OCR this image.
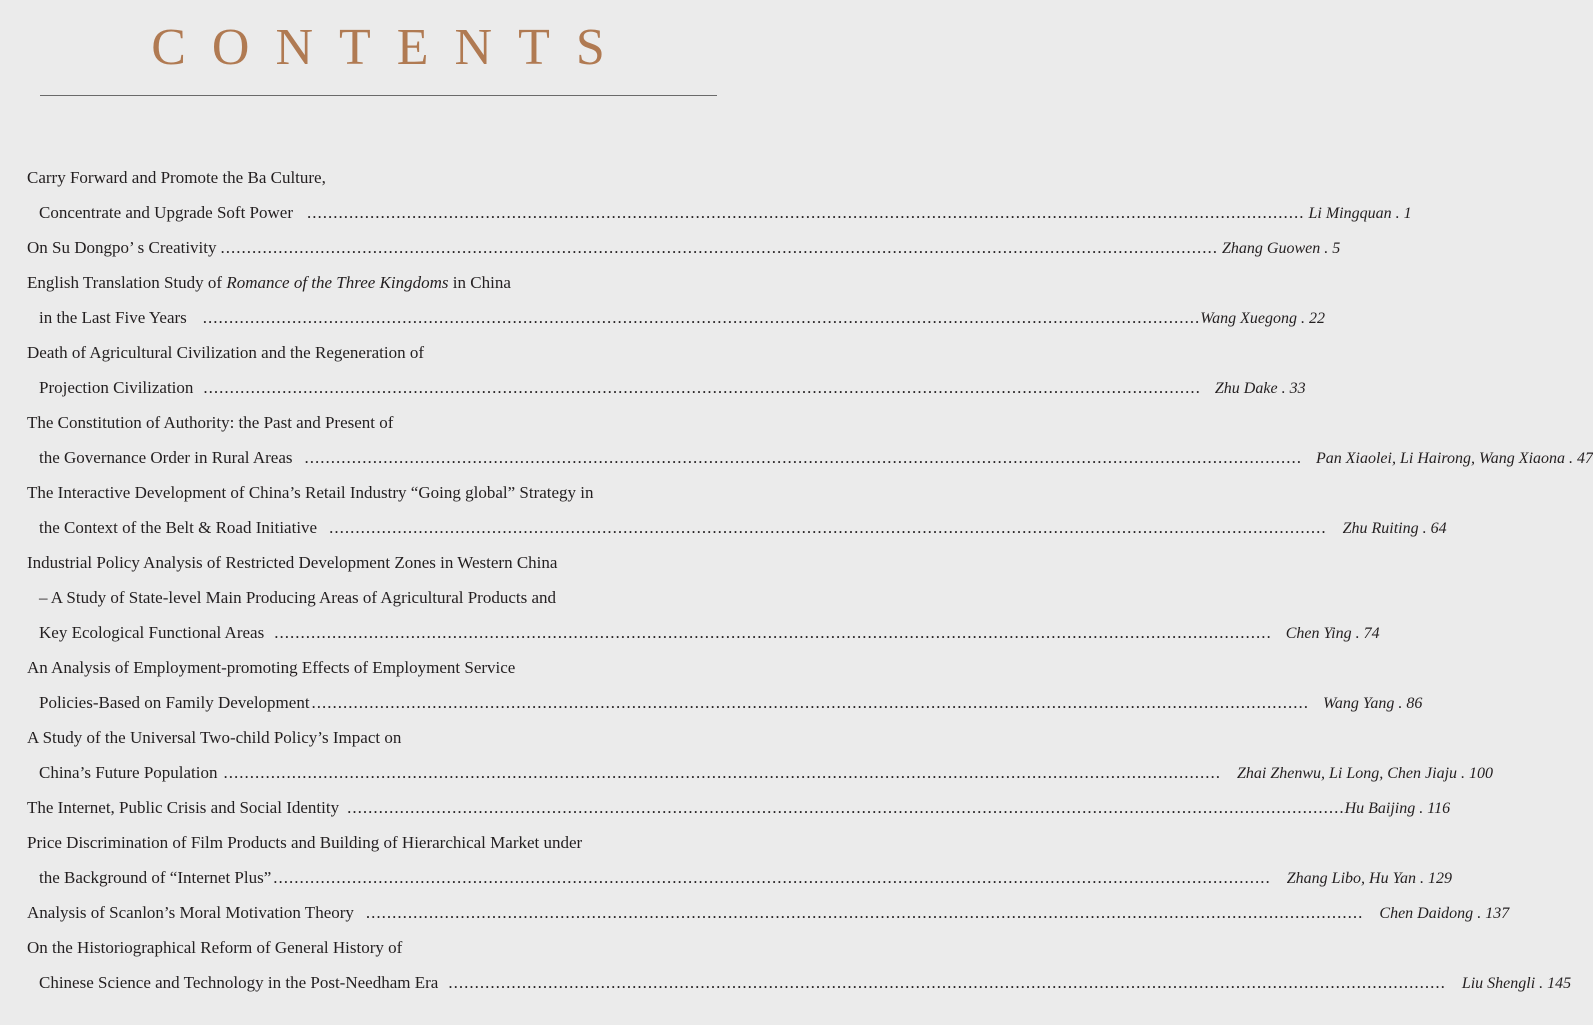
CONTENTS
Carry Forward and Promote the Ba Culture,
Concentrate and Upgrade Soft Power .............................................................................................................................................................................................. Li Mingquan . 1
On Su Dongpo’ s Creativity .............................................................................................................................................................................................. Zhang Guowen . 5
English Translation Study of Romance of the Three Kingdoms in China
in the Last Five Years .............................................................................................................................................................................................. Wang Xuegong . 22
Death of Agricultural Civilization and the Regeneration of
Projection Civilization .............................................................................................................................................................................................. Zhu Dake . 33
The Constitution of Authority: the Past and Present of
the Governance Order in Rural Areas .............................................................................................................................................................................................. Pan Xiaolei, Li Hairong, Wang Xiaona . 47
The Interactive Development of China’s Retail Industry “Going global” Strategy in
the Context of the Belt & Road Initiative .............................................................................................................................................................................................. Zhu Ruiting . 64
Industrial Policy Analysis of Restricted Development Zones in Western China
– A Study of State-level Main Producing Areas of Agricultural Products and
Key Ecological Functional Areas .............................................................................................................................................................................................. Chen Ying . 74
An Analysis of Employment-promoting Effects of Employment Service
Policies-Based on Family Development .............................................................................................................................................................................................. Wang Yang . 86
A Study of the Universal Two-child Policy’s Impact on
China’s Future Population .............................................................................................................................................................................................. Zhai Zhenwu, Li Long, Chen Jiaju . 100
The Internet, Public Crisis and Social Identity .............................................................................................................................................................................................. Hu Baijing . 116
Price Discrimination of Film Products and Building of Hierarchical Market under
the Background of “Internet Plus” .............................................................................................................................................................................................. Zhang Libo, Hu Yan . 129
Analysis of Scanlon’s Moral Motivation Theory .............................................................................................................................................................................................. Chen Daidong . 137
On the Historiographical Reform of General History of
Chinese Science and Technology in the Post-Needham Era .............................................................................................................................................................................................. Liu Shengli . 145
